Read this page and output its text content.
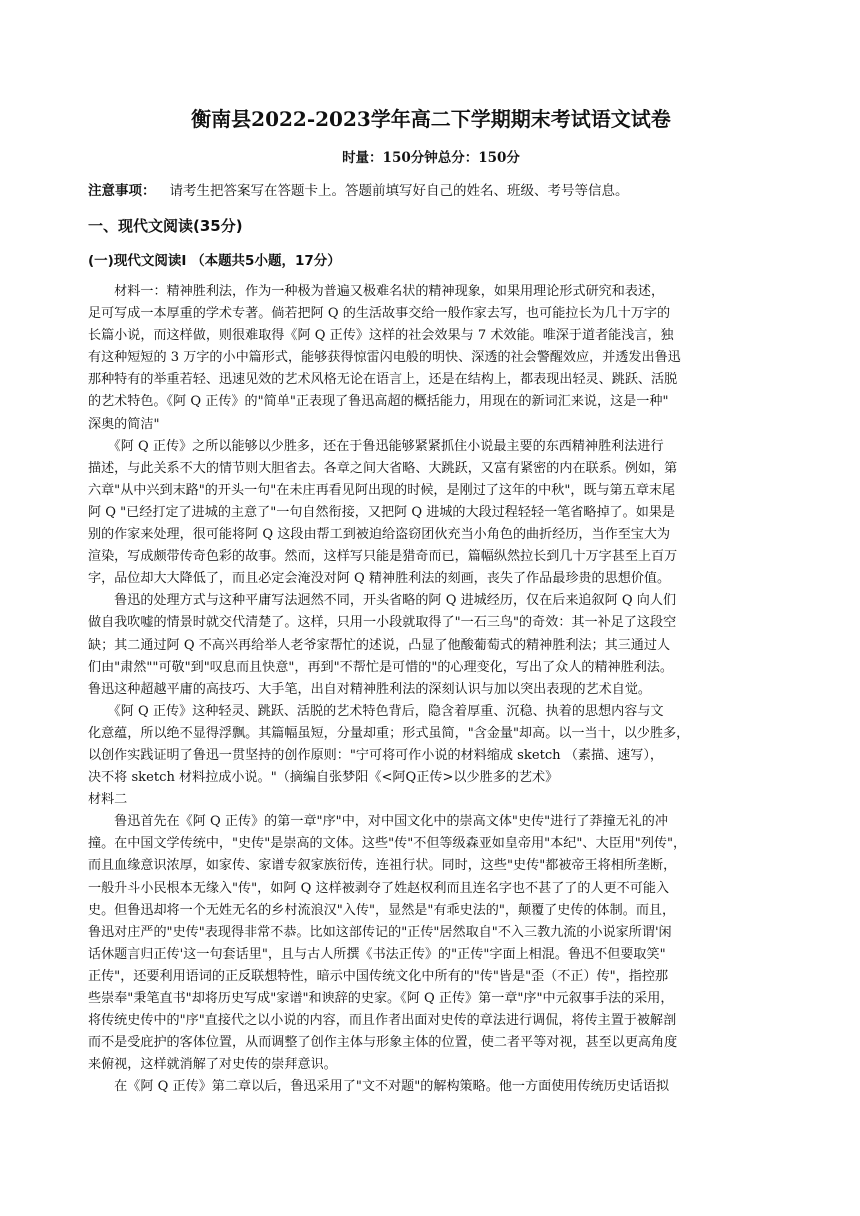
衡南县2022-2023学年高二下学期期末考试语文试卷
时量：150分钟总分：150分
注意事项： 请考生把答案写在答题卡上。答题前填写好自己的姓名、班级、考号等信息。
一、现代文阅读(35分)
(一)现代文阅读Ⅰ （本题共5小题，17分）
　　材料一：精神胜利法，作为一种极为普遍又极难名状的精神现象，如果用理论形式研究和表述，
足可写成一本厚重的学术专著。倘若把阿 Q 的生活故事交给一般作家去写，也可能拉长为几十万字的
长篇小说，而这样做，则很难取得《阿 Q 正传》这样的社会效果与 7 术效能。唯深于道者能浅言，独
有这种短短的 3 万字的小中篇形式，能够获得惊雷闪电般的明快、深透的社会警醒效应，并透发出鲁迅
那种特有的举重若轻、迅速见效的艺术风格无论在语言上，还是在结构上，都表现出轻灵、跳跃、活脱
的艺术特色。《阿 Q 正传》的"简单"正表现了鲁迅高超的概括能力，用现在的新词汇来说，这是一种"
深奥的简洁"
　　《阿 Q 正传》之所以能够以少胜多，还在于鲁迅能够紧紧抓住小说最主要的东西精神胜利法进行
描述，与此关系不大的情节则大胆省去。各章之间大省略、大跳跃，又富有紧密的内在联系。例如，第
六章"从中兴到末路"的开头一句"在未庄再看见阿出现的时候，是刚过了这年的中秋"，既与第五章末尾
阿 Q "已经打定了进城的主意了"一句自然衔接，又把阿 Q 进城的大段过程轻轻一笔省略掉了。如果是
别的作家来处理，很可能将阿 Q 这段由帮工到被迫给盗窃团伙充当小角色的曲折经历，当作至宝大为
渲染，写成颇带传奇色彩的故事。然而，这样写只能是猎奇而已，篇幅纵然拉长到几十万字甚至上百万
字，品位却大大降低了，而且必定会淹没对阿 Q 精神胜利法的刻画，丧失了作品最珍贵的思想价值。
　　鲁迅的处理方式与这种平庸写法迥然不同，开头省略的阿 Q 进城经历，仅在后来追叙阿 Q 向人们
做自我吹嘘的情景时就交代清楚了。这样，只用一小段就取得了"一石三鸟"的奇效：其一补足了这段空
缺；其二通过阿 Q 不高兴再给举人老爷家帮忙的述说，凸显了他酸葡萄式的精神胜利法；其三通过人
们由"肃然""可敬"到"叹息而且快意"，再到"不帮忙是可惜的"的心理变化，写出了众人的精神胜利法。
鲁迅这种超越平庸的高技巧、大手笔，出自对精神胜利法的深刻认识与加以突出表现的艺术自觉。
　　《阿 Q 正传》这种轻灵、跳跃、活脱的艺术特色背后，隐含着厚重、沉稳、执着的思想内容与文
化意蕴，所以绝不显得浮飘。其篇幅虽短，分量却重；形式虽简，"含金量"却高。以一当十，以少胜多，
以创作实践证明了鲁迅一贯坚持的创作原则："宁可将可作小说的材料缩成 sketch （素描、速写），
决不将 sketch 材料拉成小说。"（摘编自张梦阳《<阿Q正传>以少胜多的艺术》
材料二
　　鲁迅首先在《阿 Q 正传》的第一章"序"中，对中国文化中的崇高文体"史传"进行了莽撞无礼的冲
撞。在中国文学传统中，"史传"是崇高的文体。这些"传"不但等级森亚如皇帝用"本纪"、大臣用"列传"，
而且血缘意识浓厚，如家传、家谱专叙家族衍传，连祖行状。同时，这些"史传"都被帝王将相所垄断，
一般升斗小民根本无缘入"传"，如阿 Q 这样被剥夺了姓赵权利而且连名字也不甚了了的人更不可能入
史。但鲁迅却将一个无姓无名的乡村流浪汉"入传"，显然是"有乖史法的"，颠覆了史传的体制。而且，
鲁迅对庄严的"史传"表现得非常不恭。比如这部传记的"正传"居然取自"不入三教九流的小说家所谓'闲
话休题言归正传'这一句套话里"，且与古人所撰《书法正传》的"正传"字面上相混。鲁迅不但要取笑"
正传"，还要利用语词的正反联想特性，暗示中国传统文化中所有的"传"皆是"歪（不正）传"，指控那
些崇奉"秉笔直书"却将历史写成"家谱"和谀辞的史家。《阿 Q 正传》第一章"序"中元叙事手法的采用，
将传统史传中的"序"直接代之以小说的内容，而且作者出面对史传的章法进行调侃，将传主置于被解剖
而不是受庇护的客体位置，从而调整了创作主体与形象主体的位置，使二者平等对视，甚至以更高角度
来俯视，这样就消解了对史传的崇拜意识。
　　在《阿 Q 正传》第二章以后，鲁迅采用了"文不对题"的解构策略。他一方面使用传统历史话语拟
